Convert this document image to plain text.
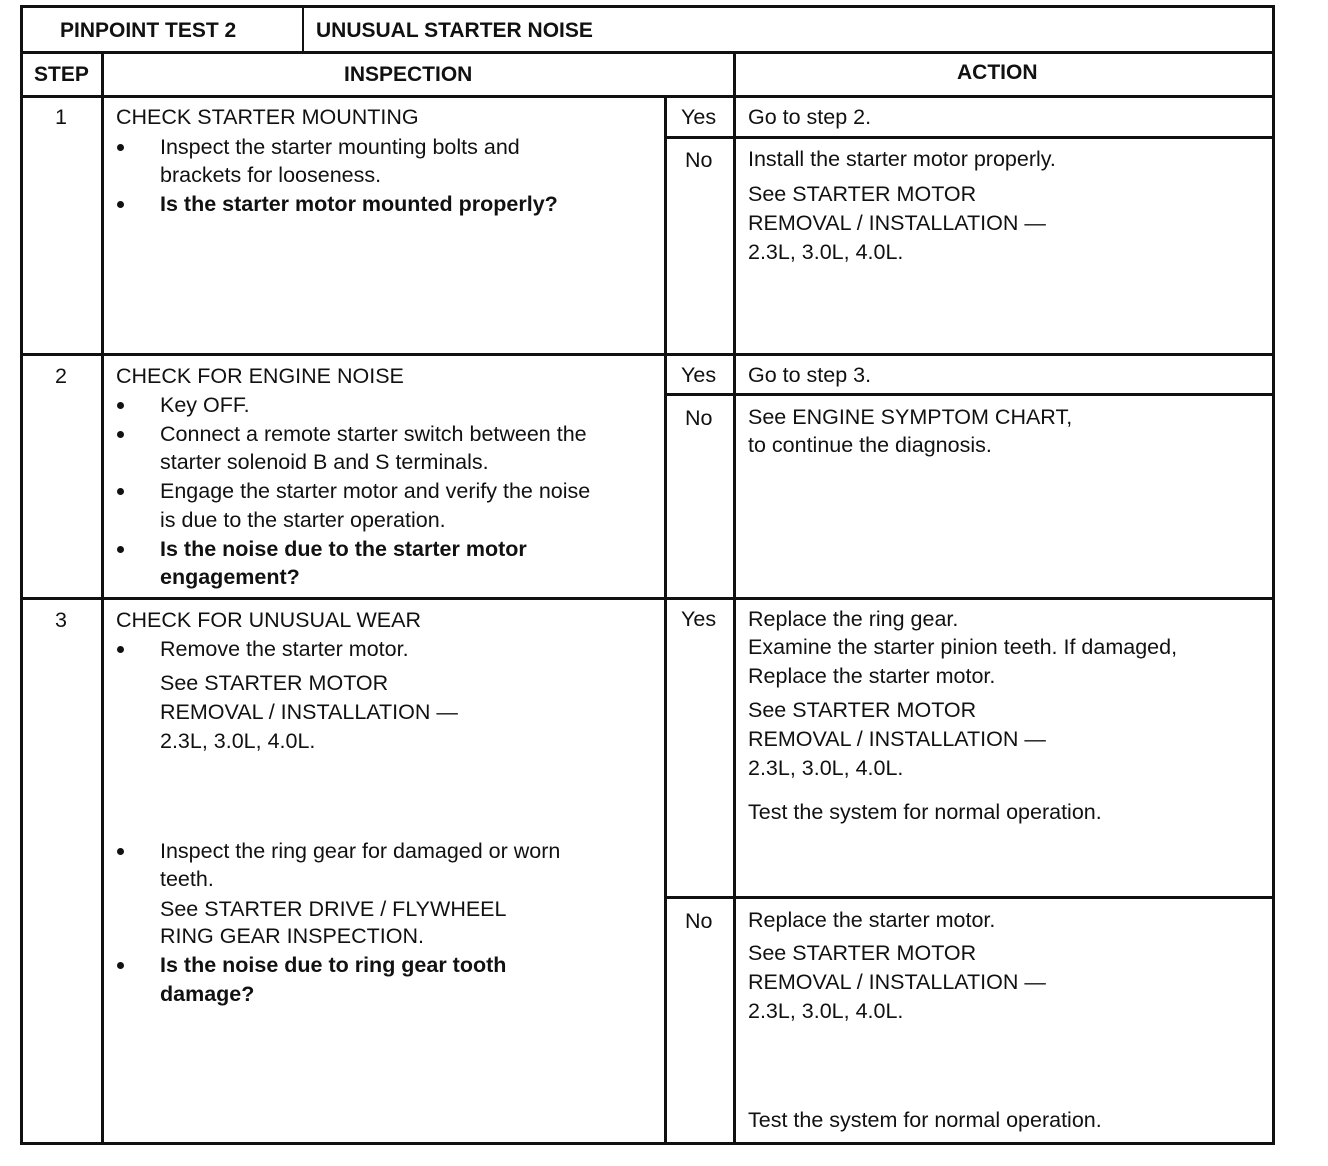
PINPOINT TEST 2	UNUSUAL STARTER NOISE
STEP	INSPECTION	ACTION
1 CHECK STARTER MOUNTING
Inspect the starter mounting bolts and
brackets for looseness.
Is the starter motor mounted properly?
Yes Go to step 2.
No Install the starter motor properly.
See STARTER MOTOR
REMOVAL / INSTALLATION —
2.3L, 3.0L, 4.0L.
2 CHECK FOR ENGINE NOISE
Key OFF.
Connect a remote starter switch between the
starter solenoid B and S terminals.
Engage the starter motor and verify the noise
is due to the starter operation.
Is the noise due to the starter motor
engagement?
Yes Go to step 3.
No See ENGINE SYMPTOM CHART,
to continue the diagnosis.
3 CHECK FOR UNUSUAL WEAR
Remove the starter motor.
See STARTER MOTOR
REMOVAL / INSTALLATION —
2.3L, 3.0L, 4.0L.
Inspect the ring gear for damaged or worn
teeth.
See STARTER DRIVE / FLYWHEEL
RING GEAR INSPECTION.
Is the noise due to ring gear tooth
damage?
Yes Replace the ring gear.
Examine the starter pinion teeth. If damaged,
Replace the starter motor.
See STARTER MOTOR
REMOVAL / INSTALLATION —
2.3L, 3.0L, 4.0L.
Test the system for normal operation.
No Replace the starter motor.
See STARTER MOTOR
REMOVAL / INSTALLATION —
2.3L, 3.0L, 4.0L.
Test the system for normal operation.
